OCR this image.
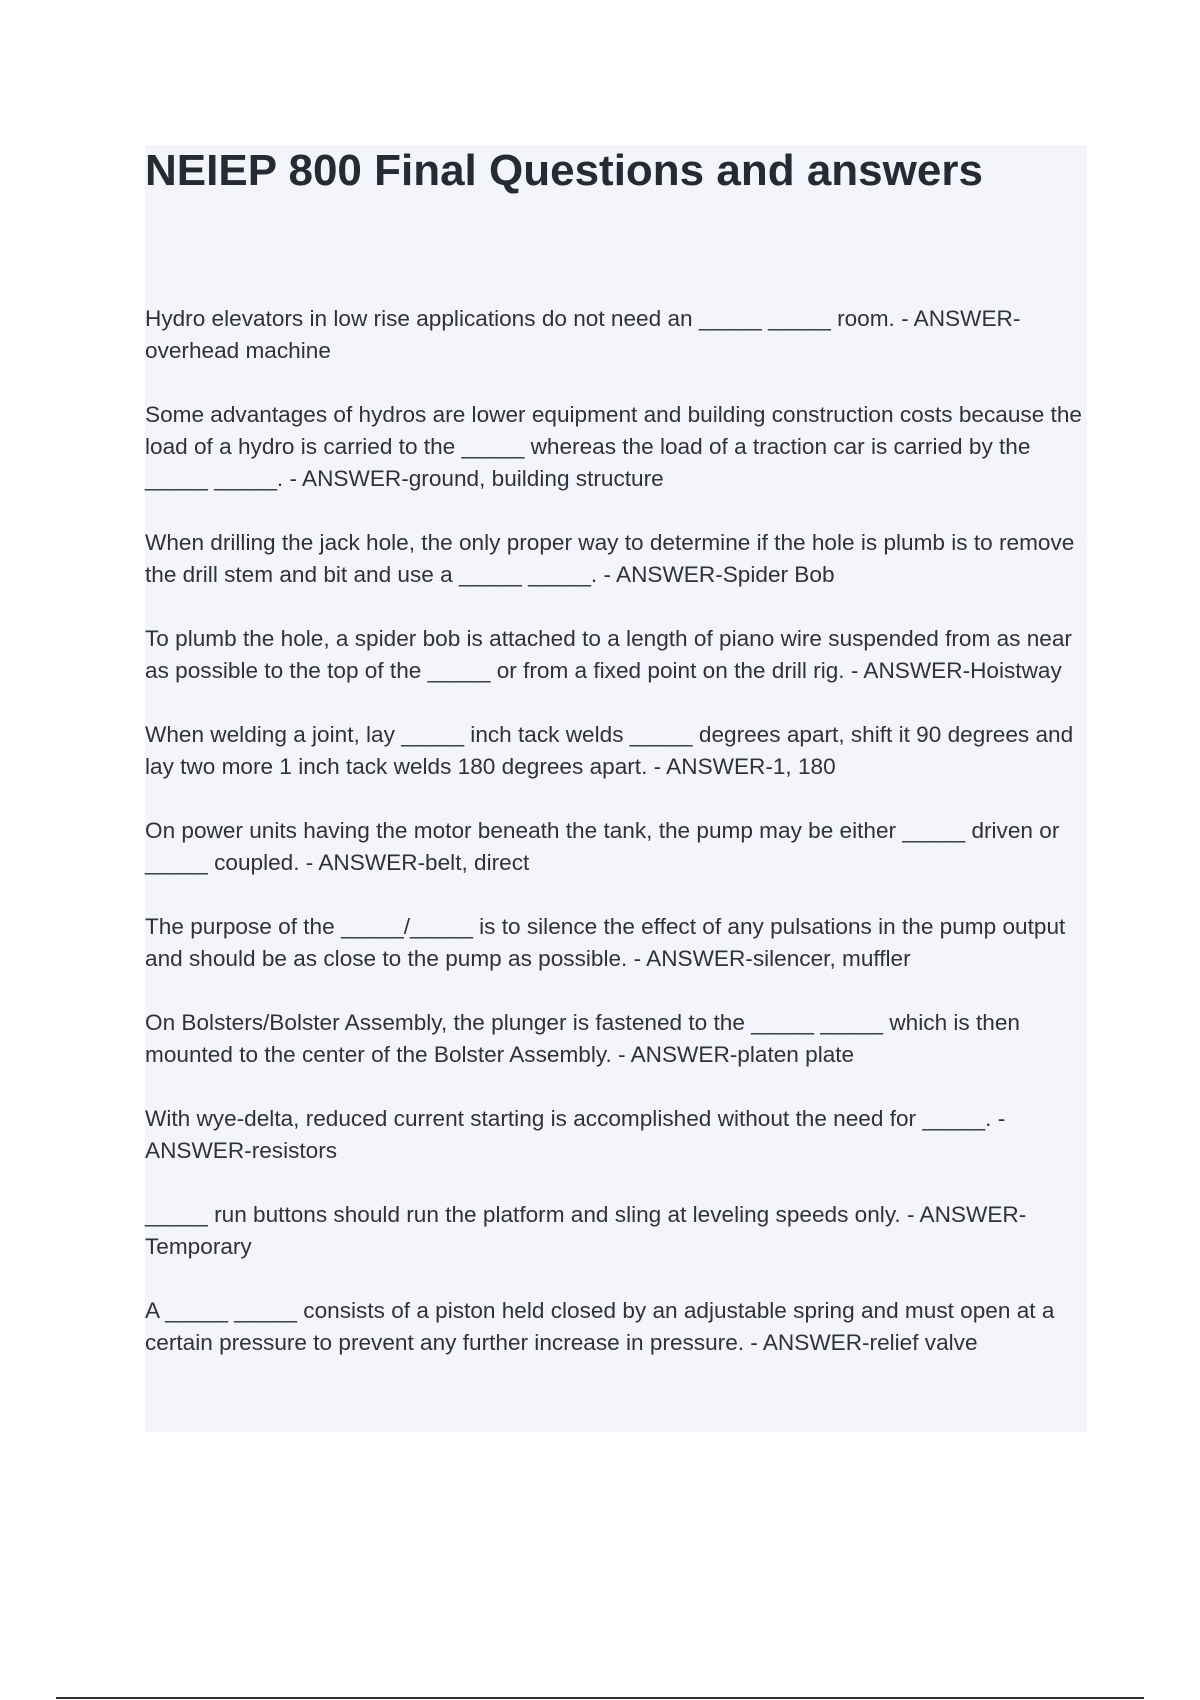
NEIEP 800 Final Questions and answers
Hydro elevators in low rise applications do not need an _____ _____ room. - ANSWER-overhead machine
Some advantages of hydros are lower equipment and building construction costs because the load of a hydro is carried to the _____ whereas the load of a traction car is carried by the _____ _____. - ANSWER-ground, building structure
When drilling the jack hole, the only proper way to determine if the hole is plumb is to remove the drill stem and bit and use a _____ _____. - ANSWER-Spider Bob
To plumb the hole, a spider bob is attached to a length of piano wire suspended from as near as possible to the top of the _____ or from a fixed point on the drill rig. - ANSWER-Hoistway
When welding a joint, lay _____ inch tack welds _____ degrees apart, shift it 90 degrees and lay two more 1 inch tack welds 180 degrees apart. - ANSWER-1, 180
On power units having the motor beneath the tank, the pump may be either _____ driven or _____ coupled. - ANSWER-belt, direct
The purpose of the _____/_____ is to silence the effect of any pulsations in the pump output and should be as close to the pump as possible. - ANSWER-silencer, muffler
On Bolsters/Bolster Assembly, the plunger is fastened to the _____ _____ which is then mounted to the center of the Bolster Assembly. - ANSWER-platen plate
With wye-delta, reduced current starting is accomplished without the need for _____. - ANSWER-resistors
_____ run buttons should run the platform and sling at leveling speeds only. - ANSWER-Temporary
A _____ _____ consists of a piston held closed by an adjustable spring and must open at a certain pressure to prevent any further increase in pressure. - ANSWER-relief valve
